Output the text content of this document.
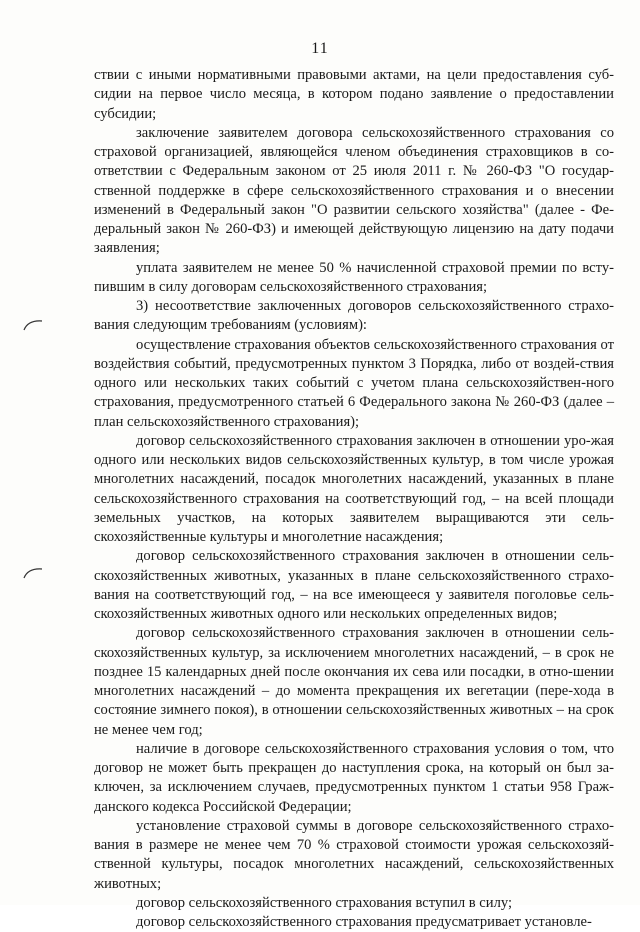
11

ствии с иными нормативными правовыми актами, на цели предоставления суб-сидии на первое число месяца, в котором подано заявление о предоставлении субсидии;

заключение заявителем договора сельскохозяйственного страхования со страховой организацией, являющейся членом объединения страховщиков в со-ответствии с Федеральным законом от 25 июля 2011 г. № 260-ФЗ "О государ-ственной поддержке в сфере сельскохозяйственного страхования и о внесении изменений в Федеральный закон "О развитии сельского хозяйства" (далее - Фе-деральный закон № 260-ФЗ) и имеющей действующую лицензию на дату подачи заявления;

уплата заявителем не менее 50 % начисленной страховой премии по всту-пившим в силу договорам сельскохозяйственного страхования;

3) несоответствие заключенных договоров сельскохозяйственного страхо-вания следующим требованиям (условиям):

осуществление страхования объектов сельскохозяйственного страхования от воздействия событий, предусмотренных пунктом 3 Порядка, либо от воздей-ствия одного или нескольких таких событий с учетом плана сельскохозяйствен-ного страхования, предусмотренного статьей 6 Федерального закона № 260-ФЗ (далее – план сельскохозяйственного страхования);

договор сельскохозяйственного страхования заключен в отношении уро-жая одного или нескольких видов сельскохозяйственных культур, в том числе урожая многолетних насаждений, посадок многолетних насаждений, указанных в плане сельскохозяйственного страхования на соответствующий год, – на всей площади земельных участков, на которых заявителем выращиваются эти сель-скохозяйственные культуры и многолетние насаждения;

договор сельскохозяйственного страхования заключен в отношении сель-скохозяйственных животных, указанных в плане сельскохозяйственного страхо-вания на соответствующий год, – на все имеющееся у заявителя поголовье сель-скохозяйственных животных одного или нескольких определенных видов;

договор сельскохозяйственного страхования заключен в отношении сель-скохозяйственных культур, за исключением многолетних насаждений, – в срок не позднее 15 календарных дней после окончания их сева или посадки, в отно-шении многолетних насаждений – до момента прекращения их вегетации (пере-хода в состояние зимнего покоя), в отношении сельскохозяйственных животных – на срок не менее чем год;

наличие в договоре сельскохозяйственного страхования условия о том, что договор не может быть прекращен до наступления срока, на который он был за-ключен, за исключением случаев, предусмотренных пунктом 1 статьи 958 Граж-данского кодекса Российской Федерации;

установление страховой суммы в договоре сельскохозяйственного страхо-вания в размере не менее чем 70 % страховой стоимости урожая сельскохозяй-ственной культуры, посадок многолетних насаждений, сельскохозяйственных животных;

договор сельскохозяйственного страхования вступил в силу;

договор сельскохозяйственного страхования предусматривает установле-
